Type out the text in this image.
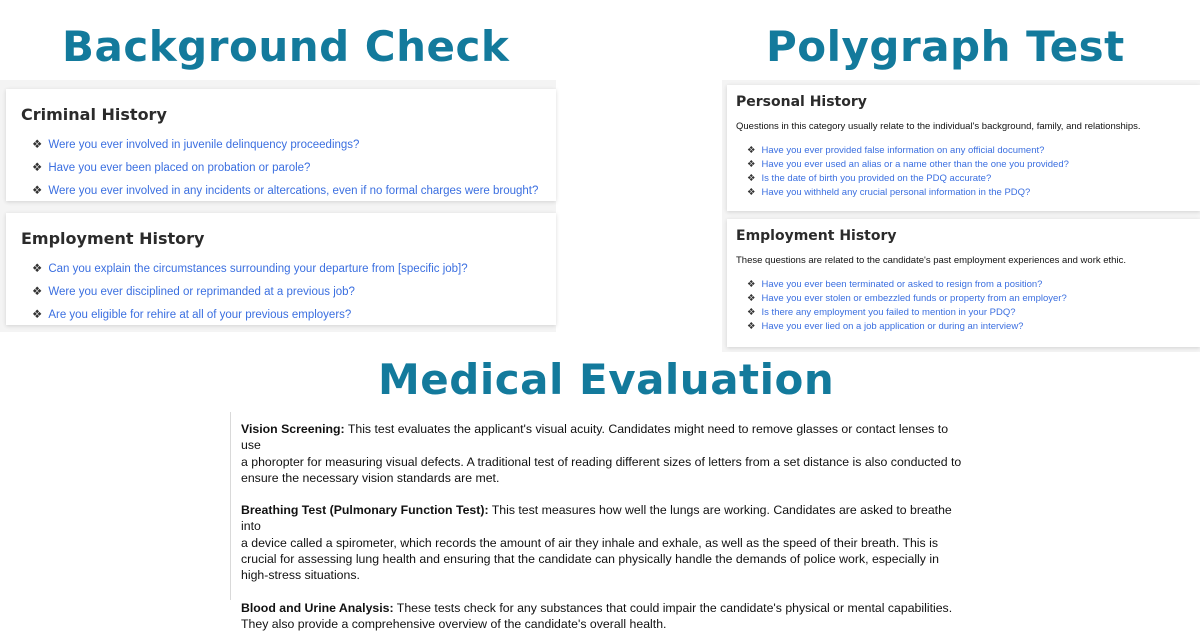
Background Check	Polygraph Test
Medical Evaluation
Criminal History
❖ Were you ever involved in juvenile delinquency proceedings?
❖ Have you ever been placed on probation or parole?
❖ Were you ever involved in any incidents or altercations, even if no formal charges were brought?
Employment History
❖ Can you explain the circumstances surrounding your departure from [specific job]?
❖ Were you ever disciplined or reprimanded at a previous job?
❖ Are you eligible for rehire at all of your previous employers?
Personal History

Questions in this category usually relate to the individual's background, family, and relationships.

❖ Have you ever provided false information on any official document?
❖ Have you ever used an alias or a name other than the one you provided?
❖ Is the date of birth you provided on the PDQ accurate?
❖ Have you withheld any crucial personal information in the PDQ?
Employment History

These questions are related to the candidate's past employment experiences and work ethic.

❖ Have you ever been terminated or asked to resign from a position?
❖ Have you ever stolen or embezzled funds or property from an employer?
❖ Is there any employment you failed to mention in your PDQ?
❖ Have you ever lied on a job application or during an interview?

Vision Screening: This test evaluates the applicant's visual acuity. Candidates might need to remove glasses or contact lenses to use
a phoropter for measuring visual defects. A traditional test of reading different sizes of letters from a set distance is also conducted to
ensure the necessary vision standards are met.

Breathing Test (Pulmonary Function Test): This test measures how well the lungs are working. Candidates are asked to breathe into
a device called a spirometer, which records the amount of air they inhale and exhale, as well as the speed of their breath. This is
crucial for assessing lung health and ensuring that the candidate can physically handle the demands of police work, especially in
high-stress situations.

Blood and Urine Analysis: These tests check for any substances that could impair the candidate's physical or mental capabilities.
They also provide a comprehensive overview of the candidate's overall health.
